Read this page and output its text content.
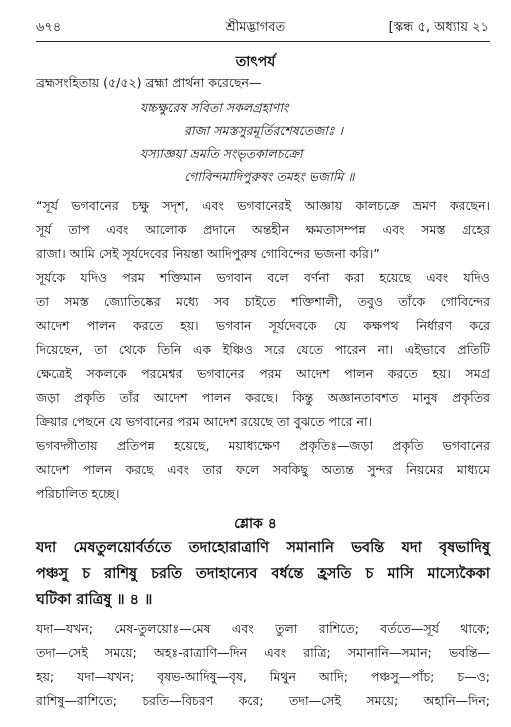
৬৭৪	শ্রীমদ্ভাগবত	[স্কন্ধ ৫, অধ্যায় ২১
তাৎপর্য
ব্রহ্মসংহিতায় (৫/৫২) ব্রহ্মা প্রার্থনা করেছেন—
যচ্চক্ষুরেষ সবিতা সকলগ্রহাণাং
রাজা সমস্তসুরমূর্তিরশেষতেজাঃ ।
যস্যাজ্ঞয়া ভ্রমতি সংভৃতকালচক্রো
গোবিন্দমাদিপুরুষং তমহং ভজামি ॥
“সূর্য ভগবানের চক্ষু সদৃশ, এবং ভগবানেরই আজ্ঞায় কালচক্রে ভ্রমণ করছেন।
সূর্য তাপ এবং আলোক প্রদানে অন্তহীন ক্ষমতাসম্পন্ন এবং সমস্ত গ্রহের
রাজা। আমি সেই সূর্যদেবের নিয়ন্তা আদিপুরুষ গোবিন্দের ভজনা করি।”
সূর্যকে যদিও পরম শক্তিমান ভগবান বলে বর্ণনা করা হয়েছে এবং যদিও
তা সমস্ত জ্যোতিষ্কের মধ্যে সব চাইতে শক্তিশালী, তবুও তাঁকে গোবিন্দের
আদেশ পালন করতে হয়। ভগবান সূর্যদেবকে যে কক্ষপথ নির্ধারণ করে
দিয়েছেন, তা থেকে তিনি এক ইঞ্চিও সরে যেতে পারেন না। এইভাবে প্রতিটি
ক্ষেত্রেই সকলকে পরমেশ্বর ভগবানের পরম আদেশ পালন করতে হয়। সমগ্র
জড়া প্রকৃতি তাঁর আদেশ পালন করছে। কিন্তু অজ্ঞানতাবশত মানুষ প্রকৃতির
ক্রিয়ার পেছনে যে ভগবানের পরম আদেশ রয়েছে তা বুঝতে পারে না।
ভগবদ্গীতায় প্রতিপন্ন হয়েছে, ময়াধ্যক্ষেণ প্রকৃতিঃ—জড়া প্রকৃতি ভগবানের
আদেশ পালন করছে এবং তার ফলে সবকিছু অত্যন্ত সুন্দর নিয়মের মাধ্যমে
পরিচালিত হচ্ছে।
শ্লোক ৪
যদা মেষতুলয়োর্বর্ততে তদাহোরাত্রাণি সমানানি ভবন্তি যদা বৃষভাদিষু
পঞ্চসু চ রাশিষু চরতি তদাহান্যেব বর্ধন্তে হ্রসতি চ মাসি মাস্যেকৈকা
ঘটিকা রাত্রিষু ॥ ৪ ॥
যদা—যখন; মেষ-তুলয়োঃ—মেষ এবং তুলা রাশিতে; বর্ততে—সূর্য থাকে;
তদা—সেই সময়ে; অহঃ-রাত্রাণি—দিন এবং রাত্রি; সমানানি—সমান; ভবন্তি—
হয়; যদা—যখন; বৃষভ-আদিষু—বৃষ, মিথুন আদি; পঞ্চসু—পাঁচ; চ—ও;
রাশিষু—রাশিতে; চরতি—বিচরণ করে; তদা—সেই সময়ে; অহানি—দিন;
